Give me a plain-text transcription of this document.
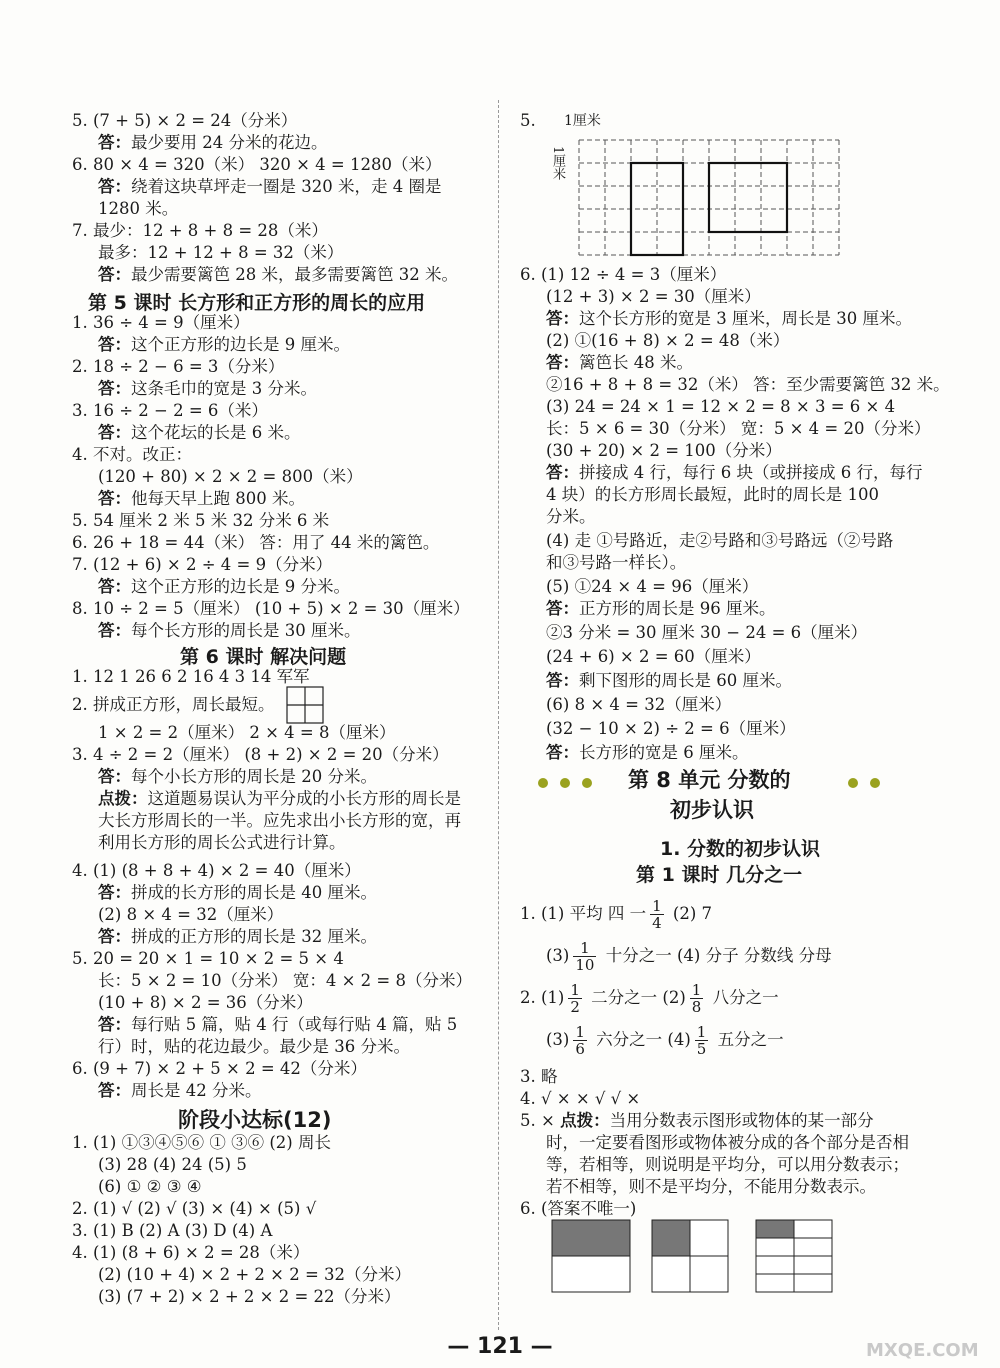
5. (7 + 5) × 2 = 24（分米）
答：最少要用 24 分米的花边。
6. 80 × 4 = 320（米） 320 × 4 = 1280（米）
答：绕着这块草坪走一圈是 320 米，走 4 圈是
1280 米。
7. 最少：12 + 8 + 8 = 28（米）
最多：12 + 12 + 8 = 32（米）
答：最少需要篱笆 28 米，最多需要篱笆 32 米。
第 5 课时 长方形和正方形的周长的应用
1. 36 ÷ 4 = 9（厘米）
答：这个正方形的边长是 9 厘米。
2. 18 ÷ 2 − 6 = 3（分米）
答：这条毛巾的宽是 3 分米。
3. 16 ÷ 2 − 2 = 6（米）
答：这个花坛的长是 6 米。
4. 不对。改正：
(120 + 80) × 2 × 2 = 800（米）
答：他每天早上跑 800 米。
5. 54 厘米 2 米 5 米 32 分米 6 米
6. 26 + 18 = 44（米） 答：用了 44 米的篱笆。
7. (12 + 6) × 2 ÷ 4 = 9（分米）
答：这个正方形的边长是 9 分米。
8. 10 ÷ 2 = 5（厘米） (10 + 5) × 2 = 30（厘米）
答：每个长方形的周长是 30 厘米。
第 6 课时 解决问题
1. 12 1 26 6 2 16 4 3 14 军军
2. 拼成正方形，周长最短。
1 × 2 = 2（厘米） 2 × 4 = 8（厘米）
3. 4 ÷ 2 = 2（厘米） (8 + 2) × 2 = 20（分米）
答：每个小长方形的周长是 20 分米。
点拨：这道题易误认为平分成的小长方形的周长是
大长方形周长的一半。应先求出小长方形的宽，再
利用长方形的周长公式进行计算。
4. (1) (8 + 8 + 4) × 2 = 40（厘米）
答：拼成的长方形的周长是 40 厘米。
(2) 8 × 4 = 32（厘米）
答：拼成的正方形的周长是 32 厘米。
5. 20 = 20 × 1 = 10 × 2 = 5 × 4
长：5 × 2 = 10（分米） 宽：4 × 2 = 8（分米）
(10 + 8) × 2 = 36（分米）
答：每行贴 5 篇，贴 4 行（或每行贴 4 篇，贴 5
行）时，贴的花边最少。最少是 36 分米。
6. (9 + 7) × 2 + 5 × 2 = 42（分米）
答：周长是 42 分米。
阶段小达标(12)
1. (1) ①③④⑤⑥ ① ③⑥ (2) 周长
(3) 28 (4) 24 (5) 5
(6) ① ② ③ ④
2. (1) √ (2) √ (3) × (4) × (5) √
3. (1) B (2) A (3) D (4) A
4. (1) (8 + 6) × 2 = 28（米）
(2) (10 + 4) × 2 + 2 × 2 = 32（分米）
(3) (7 + 2) × 2 + 2 × 2 = 22（分米）
5. 1厘米
1厘米
6. (1) 12 ÷ 4 = 3（厘米）
(12 + 3) × 2 = 30（厘米）
答：这个长方形的宽是 3 厘米，周长是 30 厘米。
(2) ①(16 + 8) × 2 = 48（米）
答：篱笆长 48 米。
②16 + 8 + 8 = 32（米） 答：至少需要篱笆 32 米。
(3) 24 = 24 × 1 = 12 × 2 = 8 × 3 = 6 × 4
长：5 × 6 = 30（分米） 宽：5 × 4 = 20（分米）
(30 + 20) × 2 = 100（分米）
答：拼接成 4 行，每行 6 块（或拼接成 6 行，每行
4 块）的长方形周长最短，此时的周长是 100
分米。
(4) 走 ①号路近，走②号路和③号路远（②号路
和③号路一样长）。
(5) ①24 × 4 = 96（厘米）
答：正方形的周长是 96 厘米。
②3 分米 = 30 厘米 30 − 24 = 6（厘米）
(24 + 6) × 2 = 60（厘米）
答：剩下图形的周长是 60 厘米。
(6) 8 × 4 = 32（厘米）
(32 − 10 × 2) ÷ 2 = 6（厘米）
答：长方形的宽是 6 厘米。
第 8 单元 分数的
初步认识
1. 分数的初步认识
第 1 课时 几分之一
1. (1) 平均 四 一 $\frac{1}{4} (2)$ 7
$(3) \frac{1}{10}$ 十分之一 (4) 分子 分数线 分母
2. $(1) \frac{1}{2}$ 二分之一 $(2) \frac{1}{8}$ 八分之一
$(3) \frac{1}{6}$ 六分之一 $(4) \frac{1}{5}$ 五分之一
3. 略
4. √ × × √ √ ×
5. × 点拨：当用分数表示图形或物体的某一部分
时，一定要看图形或物体被分成的各个部分是否相
等，若相等，则说明是平均分，可以用分数表示；
若不相等，则不是平均分，不能用分数表示。
6. (答案不唯一)
— 121 —	MXQE.COM
